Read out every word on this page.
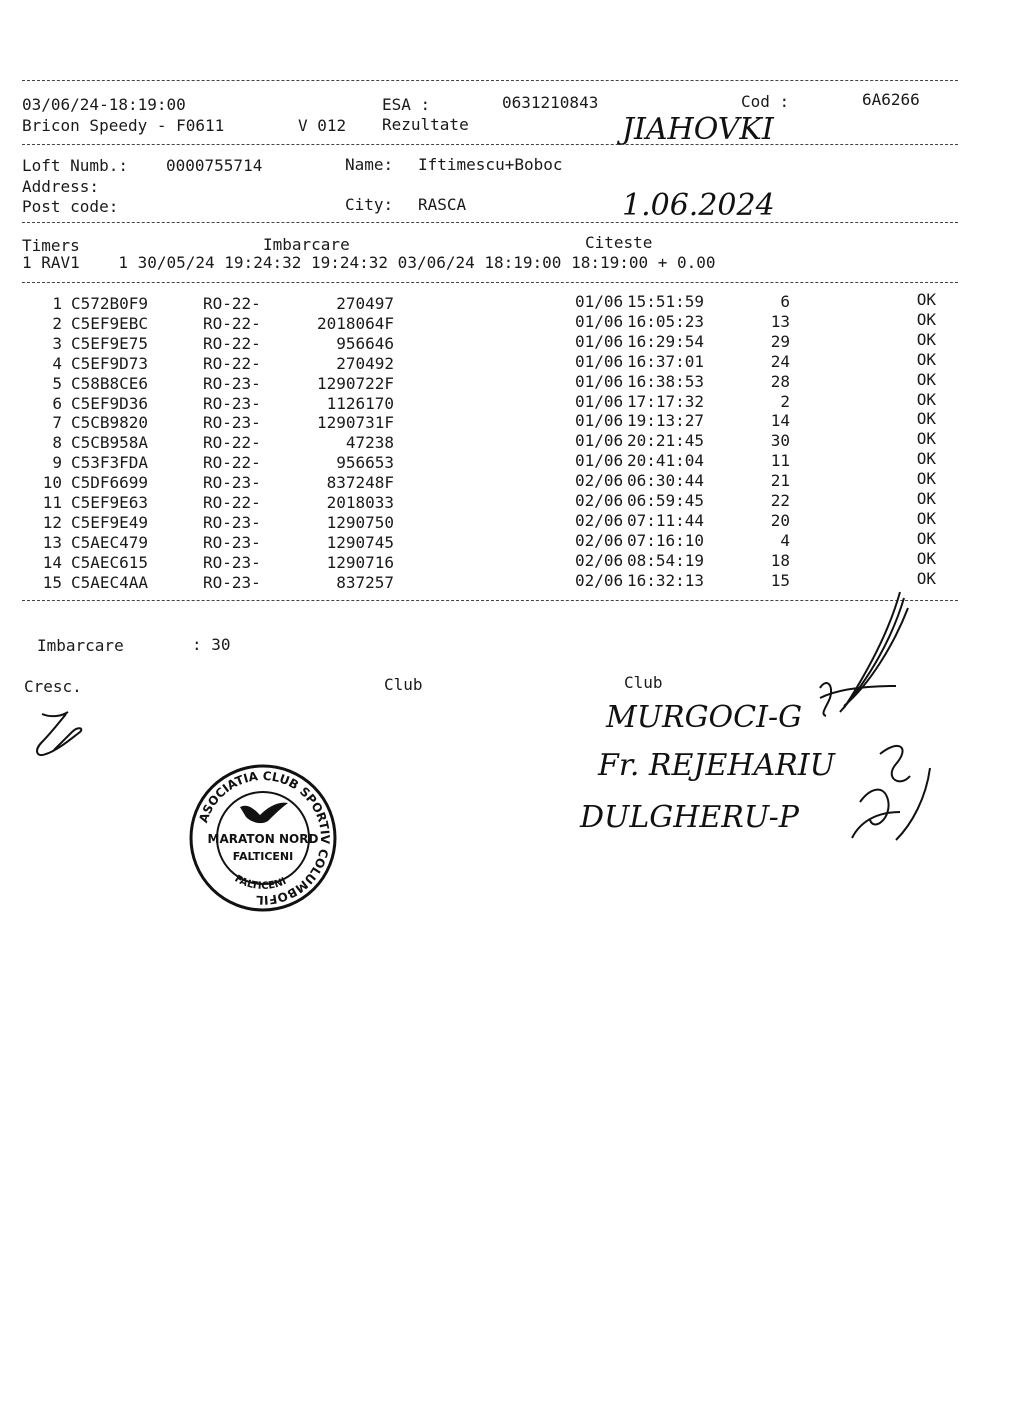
03/06/24-18:19:00	ESA :	0631210843	Cod :	6A6266
Bricon Speedy - F0611	V 012 Rezultate	JIAHOVKI
Loft Numb.: 0000755714	Name: Iftimescu+Boboc
Address:
Post code:	City: RASCA	1.06.2024
Timers	Imbarcare	Citeste
1 RAV1    1 30/05/24 19:24:32 19:24:32 03/06/24 18:19:00 18:19:00 + 0.00
1 C572B0F9	RO-22-	270497	01/06 15:51:59	6	OK
2 C5EF9EBC	RO-22-	2018064F	01/06 16:05:23	13	OK
3 C5EF9E75	RO-22-	956646	01/06 16:29:54	29	OK
4 C5EF9D73	RO-22-	270492	01/06 16:37:01	24	OK
5 C58B8CE6	RO-23-	1290722F	01/06 16:38:53	28	OK
6 C5EF9D36	RO-23-	1126170	01/06 17:17:32	2	OK
7 C5CB9820	RO-23-	1290731F	01/06 19:13:27	14	OK
8 C5CB958A	RO-22-	47238	01/06 20:21:45	30	OK
9 C53F3FDA	RO-22-	956653	01/06 20:41:04	11	OK
10 C5DF6699	RO-23-	837248F	02/06 06:30:44	21	OK
11 C5EF9E63	RO-22-	2018033	02/06 06:59:45	22	OK
12 C5EF9E49	RO-23-	1290750	02/06 07:11:44	20	OK
13 C5AEC479	RO-23-	1290745	02/06 07:16:10	4	OK
14 C5AEC615	RO-23-	1290716	02/06 08:54:19	18	OK
15 C5AEC4AA	RO-23-	837257	02/06 16:32:13	15	OK
Imbarcare	: 30
Cresc.	Club	Club
MURGOCI-G
Fr. REJEHARIU
DULGHERU-P
ASOCIATIA CLUB SPORTIV COLUMBOFIL
MARATON NORD
FALTICENI
FALTICENI
